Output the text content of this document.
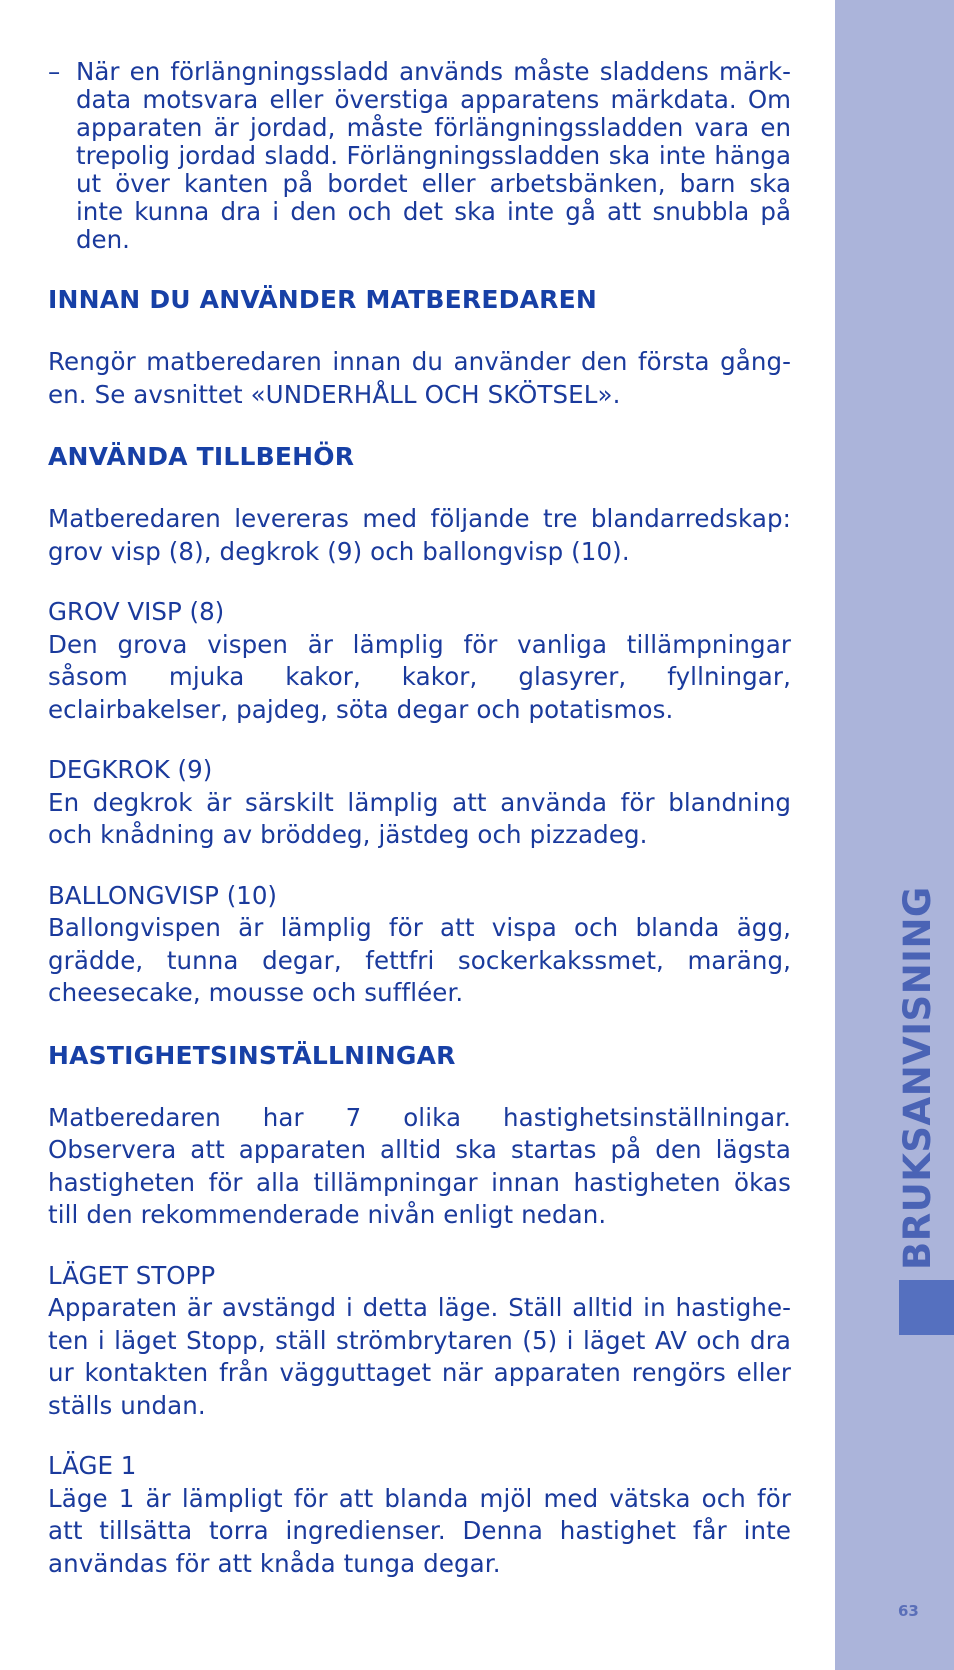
BRUKSANVISNING
63
– När en förlängningssladd används måste sladdens märkdata motsvara eller överstiga apparatens märkdata. Om apparaten är jordad, måste förlängningssladden vara en trepolig jordad sladd. Förlängningssladden ska inte hänga ut över kanten på bordet eller arbetsbänken, barn ska inte kunna dra i den och det ska inte gå att snubbla på den.

INNAN DU ANVÄNDER MATBEREDAREN

Rengör matberedaren innan du använder den första gången. Se avsnittet «UNDERHÅLL OCH SKÖTSEL».

ANVÄNDA TILLBEHÖR

Matberedaren levereras med följande tre blandarredskap: grov visp (8), degkrok (9) och ballongvisp (10).

GROV VISP (8)

Den grova vispen är lämplig för vanliga tillämpningar såsom mjuka kakor, kakor, glasyrer, fyllningar, eclairbakelser, pajdeg, söta degar och potatismos.

DEGKROK (9)

En degkrok är särskilt lämplig att använda för blandning och knådning av bröddeg, jästdeg och pizzadeg.

BALLONGVISP (10)

Ballongvispen är lämplig för att vispa och blanda ägg, grädde, tunna degar, fettfri sockerkakssmet, maräng, cheesecake, mousse och suffléer.

HASTIGHETSINSTÄLLNINGAR

Matberedaren har 7 olika hastighetsinställningar. Observera att apparaten alltid ska startas på den lägsta hastigheten för alla tillämpningar innan hastigheten ökas till den rekommenderade nivån enligt nedan.

LÄGET STOPP

Apparaten är avstängd i detta läge. Ställ alltid in hastigheten i läget Stopp, ställ strömbrytaren (5) i läget AV och dra ur kontakten från vägguttaget när apparaten rengörs eller ställs undan.

LÄGE 1

Läge 1 är lämpligt för att blanda mjöl med vätska och för att tillsätta torra ingredienser. Denna hastighet får inte användas för att knåda tunga degar.
